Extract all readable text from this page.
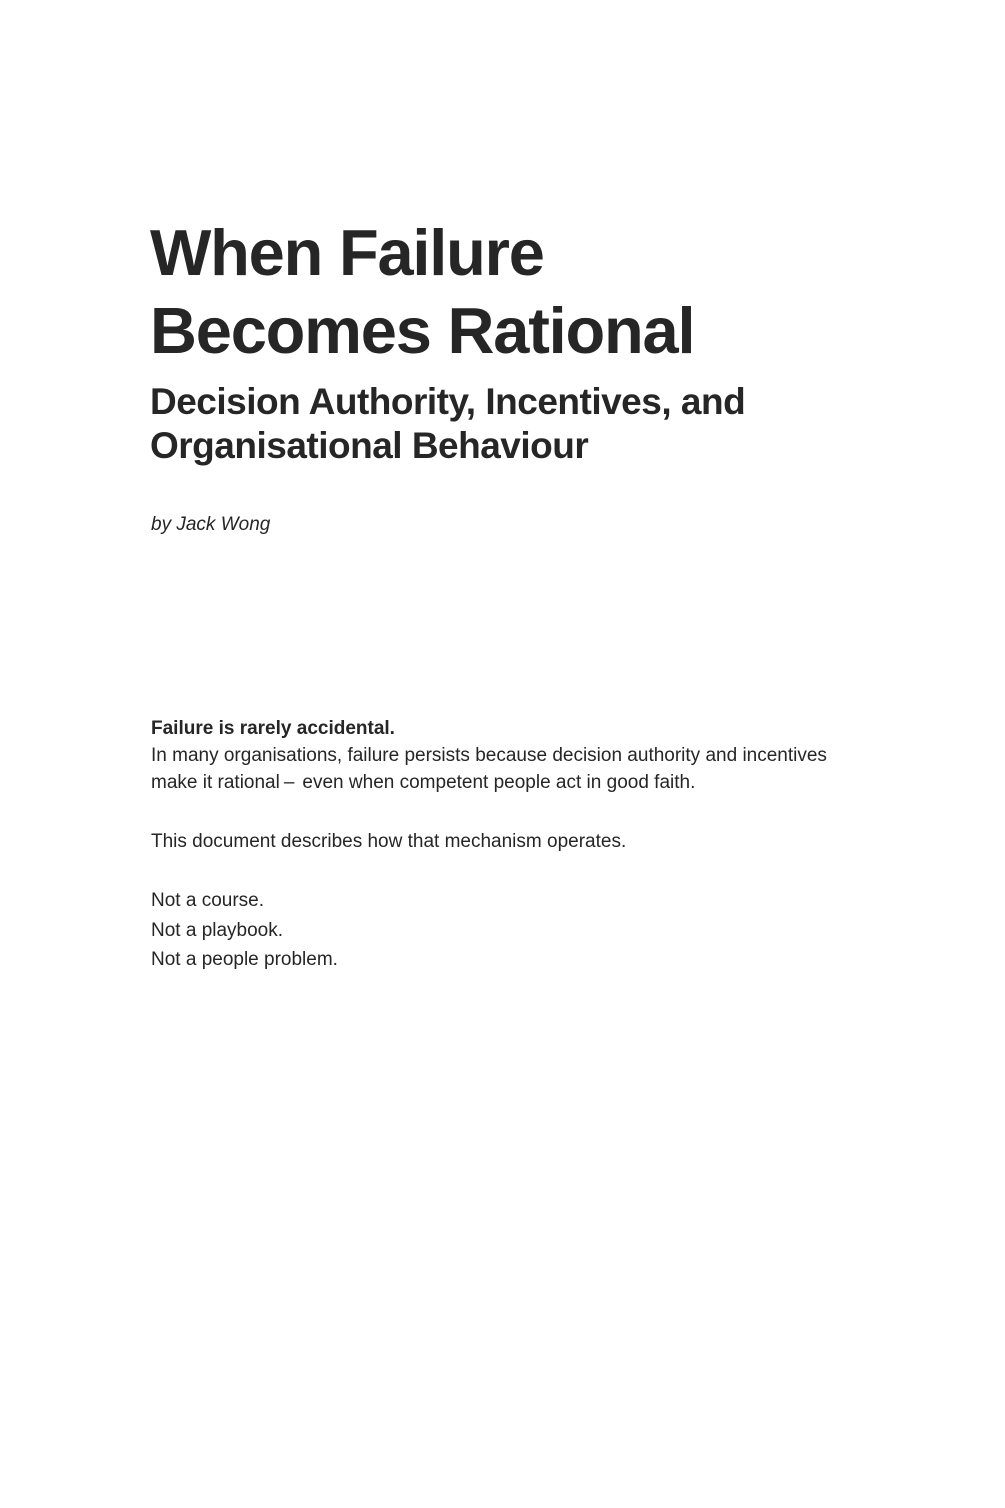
When Failure
Becomes Rational
Decision Authority, Incentives, and
Organisational Behaviour

by Jack Wong

Failure is rarely accidental.
In many organisations, failure persists because decision authority and incentives
make it rational – even when competent people act in good faith.

This document describes how that mechanism operates.

Not a course.
Not a playbook.
Not a people problem.
